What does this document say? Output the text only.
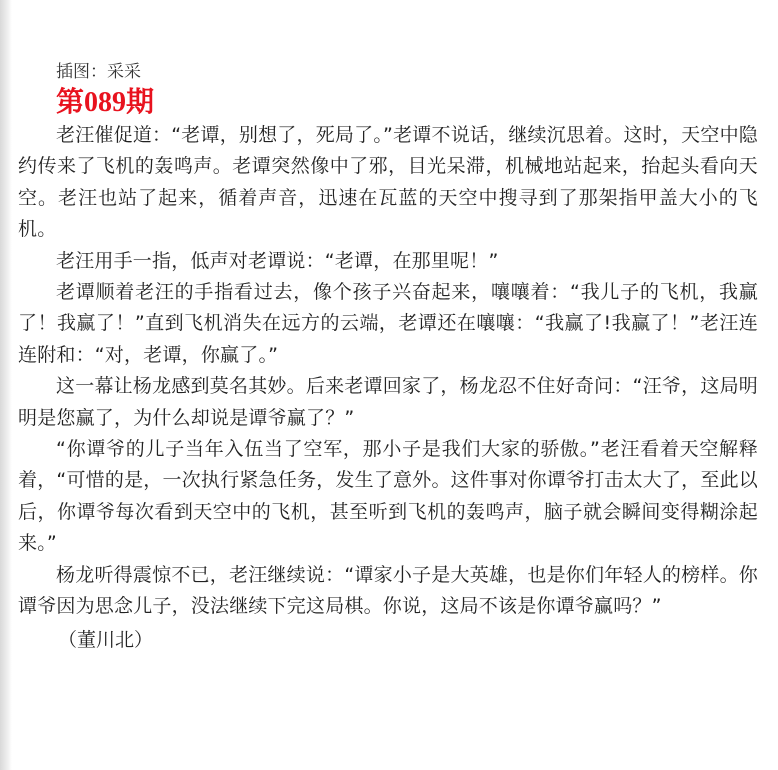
插图：采采
第089期

老汪催促道：“老谭，别想了，死局了。”老谭不说话，继续沉思着。这时，天空中隐约传来了飞机的轰鸣声。老谭突然像中了邪，目光呆滞，机械地站起来，抬起头看向天空。老汪也站了起来，循着声音，迅速在瓦蓝的天空中搜寻到了那架指甲盖大小的飞机。

老汪用手一指，低声对老谭说：“老谭，在那里呢！”

老谭顺着老汪的手指看过去，像个孩子兴奋起来，嚷嚷着：“我儿子的飞机，我赢了！我赢了！”直到飞机消失在远方的云端，老谭还在嚷嚷：“我赢了!我赢了！”老汪连连附和：“对，老谭，你赢了。”

这一幕让杨龙感到莫名其妙。后来老谭回家了，杨龙忍不住好奇问：“汪爷，这局明明是您赢了，为什么却说是谭爷赢了？”

“你谭爷的儿子当年入伍当了空军，那小子是我们大家的骄傲。”老汪看着天空解释着，“可惜的是，一次执行紧急任务，发生了意外。这件事对你谭爷打击太大了，至此以后，你谭爷每次看到天空中的飞机，甚至听到飞机的轰鸣声，脑子就会瞬间变得糊涂起来。”

杨龙听得震惊不已，老汪继续说：“谭家小子是大英雄，也是你们年轻人的榜样。你谭爷因为思念儿子，没法继续下完这局棋。你说，这局不该是你谭爷赢吗？”

（董川北）
